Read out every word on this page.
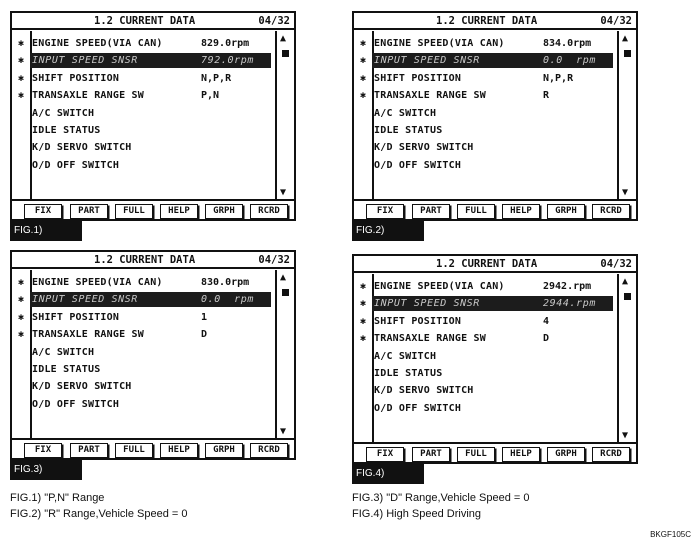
1.2 CURRENT DATA	04/32
✱ ENGINE SPEED(VIA CAN)	829.0rpm
✱ INPUT SPEED SNSR	792.0rpm
✱ SHIFT POSITION	N,P,R
✱ TRANSAXLE RANGE SW	P,N
A/C SWITCH
IDLE STATUS
K/D SERVO SWITCH
O/D OFF SWITCH
▲
▼
FIX	PART	FULL	HELP	GRPH	RCRD
FIG.1)
1.2 CURRENT DATA	04/32
✱ ENGINE SPEED(VIA CAN)	834.0rpm
✱ INPUT SPEED SNSR	0.0  rpm
✱ SHIFT POSITION	N,P,R
✱ TRANSAXLE RANGE SW	R
A/C SWITCH
IDLE STATUS
K/D SERVO SWITCH
O/D OFF SWITCH
▲
▼
FIX	PART	FULL	HELP	GRPH	RCRD
FIG.2)
1.2 CURRENT DATA	04/32
✱ ENGINE SPEED(VIA CAN)	830.0rpm
✱ INPUT SPEED SNSR	0.0  rpm
✱ SHIFT POSITION	1
✱ TRANSAXLE RANGE SW	D
A/C SWITCH
IDLE STATUS
K/D SERVO SWITCH
O/D OFF SWITCH
▲
▼
FIX	PART	FULL	HELP	GRPH	RCRD
FIG.3)
1.2 CURRENT DATA	04/32
✱ ENGINE SPEED(VIA CAN)	2942.rpm
✱ INPUT SPEED SNSR	2944.rpm
✱ SHIFT POSITION	4
✱ TRANSAXLE RANGE SW	D
A/C SWITCH
IDLE STATUS
K/D SERVO SWITCH
O/D OFF SWITCH
▲
▼
FIX	PART	FULL	HELP	GRPH	RCRD
FIG.4)
FIG.1) "P,N" Range
FIG.2) "R" Range,Vehicle Speed = 0
FIG.3) "D" Range,Vehicle Speed = 0
FIG.4) High Speed Driving
BKGF105C
